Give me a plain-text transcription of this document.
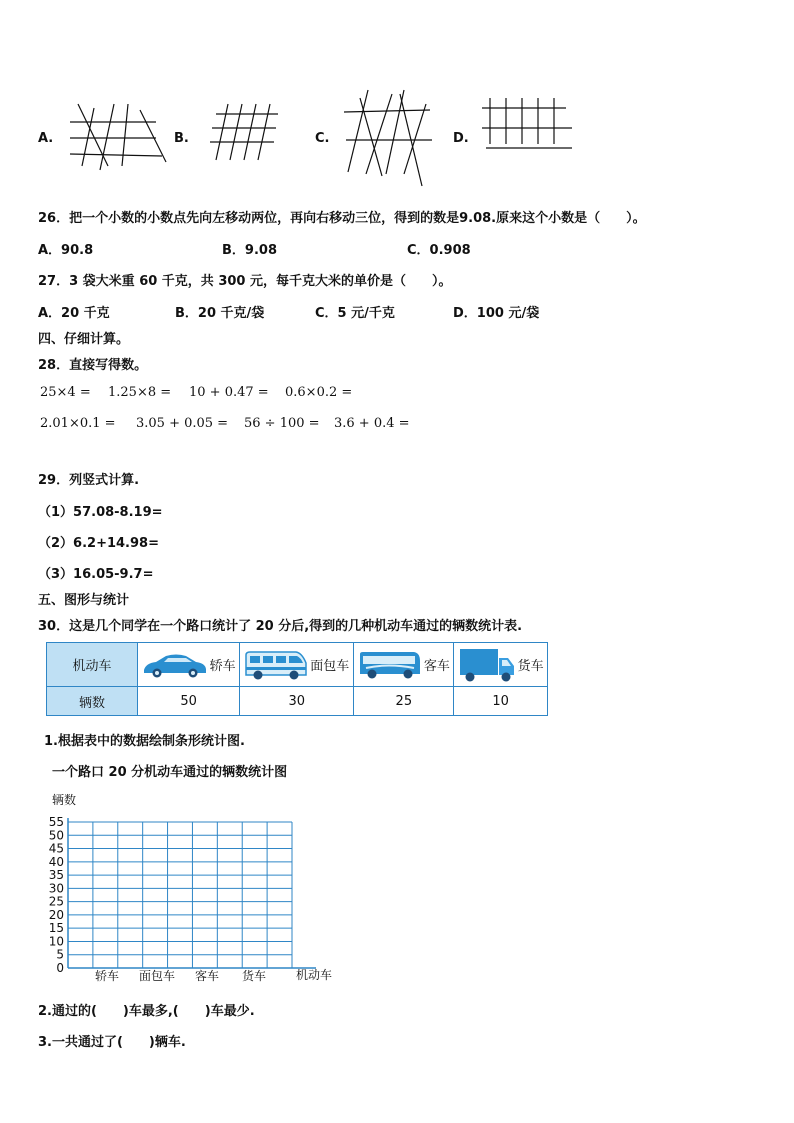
A.	B.	C.	D.
26．把一个小数的小数点先向左移动两位，再向右移动三位，得到的数是9.08.原来这个小数是（　　）。
A．90.8	B．9.08	C．0.908
27．3 袋大米重 60 千克，共 300 元，每千克大米的单价是（　　）。
A．20 千克	B．20 千克/袋	C．5 元/千克	D．100 元/袋
四、仔细计算。
28．直接写得数。
25×4 = 1.25×8 = 10 + 0.47 = 0.6×0.2 =
2.01×0.1 = 3.05 + 0.05 = 56 ÷ 100 = 3.6 + 0.4 =
29．列竖式计算.
（1）57.08-8.19=
（2）6.2+14.98=
（3）16.05-9.7=
五、图形与统计
30．这是几个同学在一个路口统计了 20 分后,得到的几种机动车通过的辆数统计表.
机动车	轿车	面包车	客车	货车

辆数	50	30	25	10
1.根据表中的数据绘制条形统计图.
一个路口 20 分机动车通过的辆数统计图
辆数
机动车
0
5
10
15
20
25
30
35
40
45
50
55
轿车 面包车 客车 货车
2.通过的(　　)车最多,(　　)车最少.
3.一共通过了(　　)辆车.
